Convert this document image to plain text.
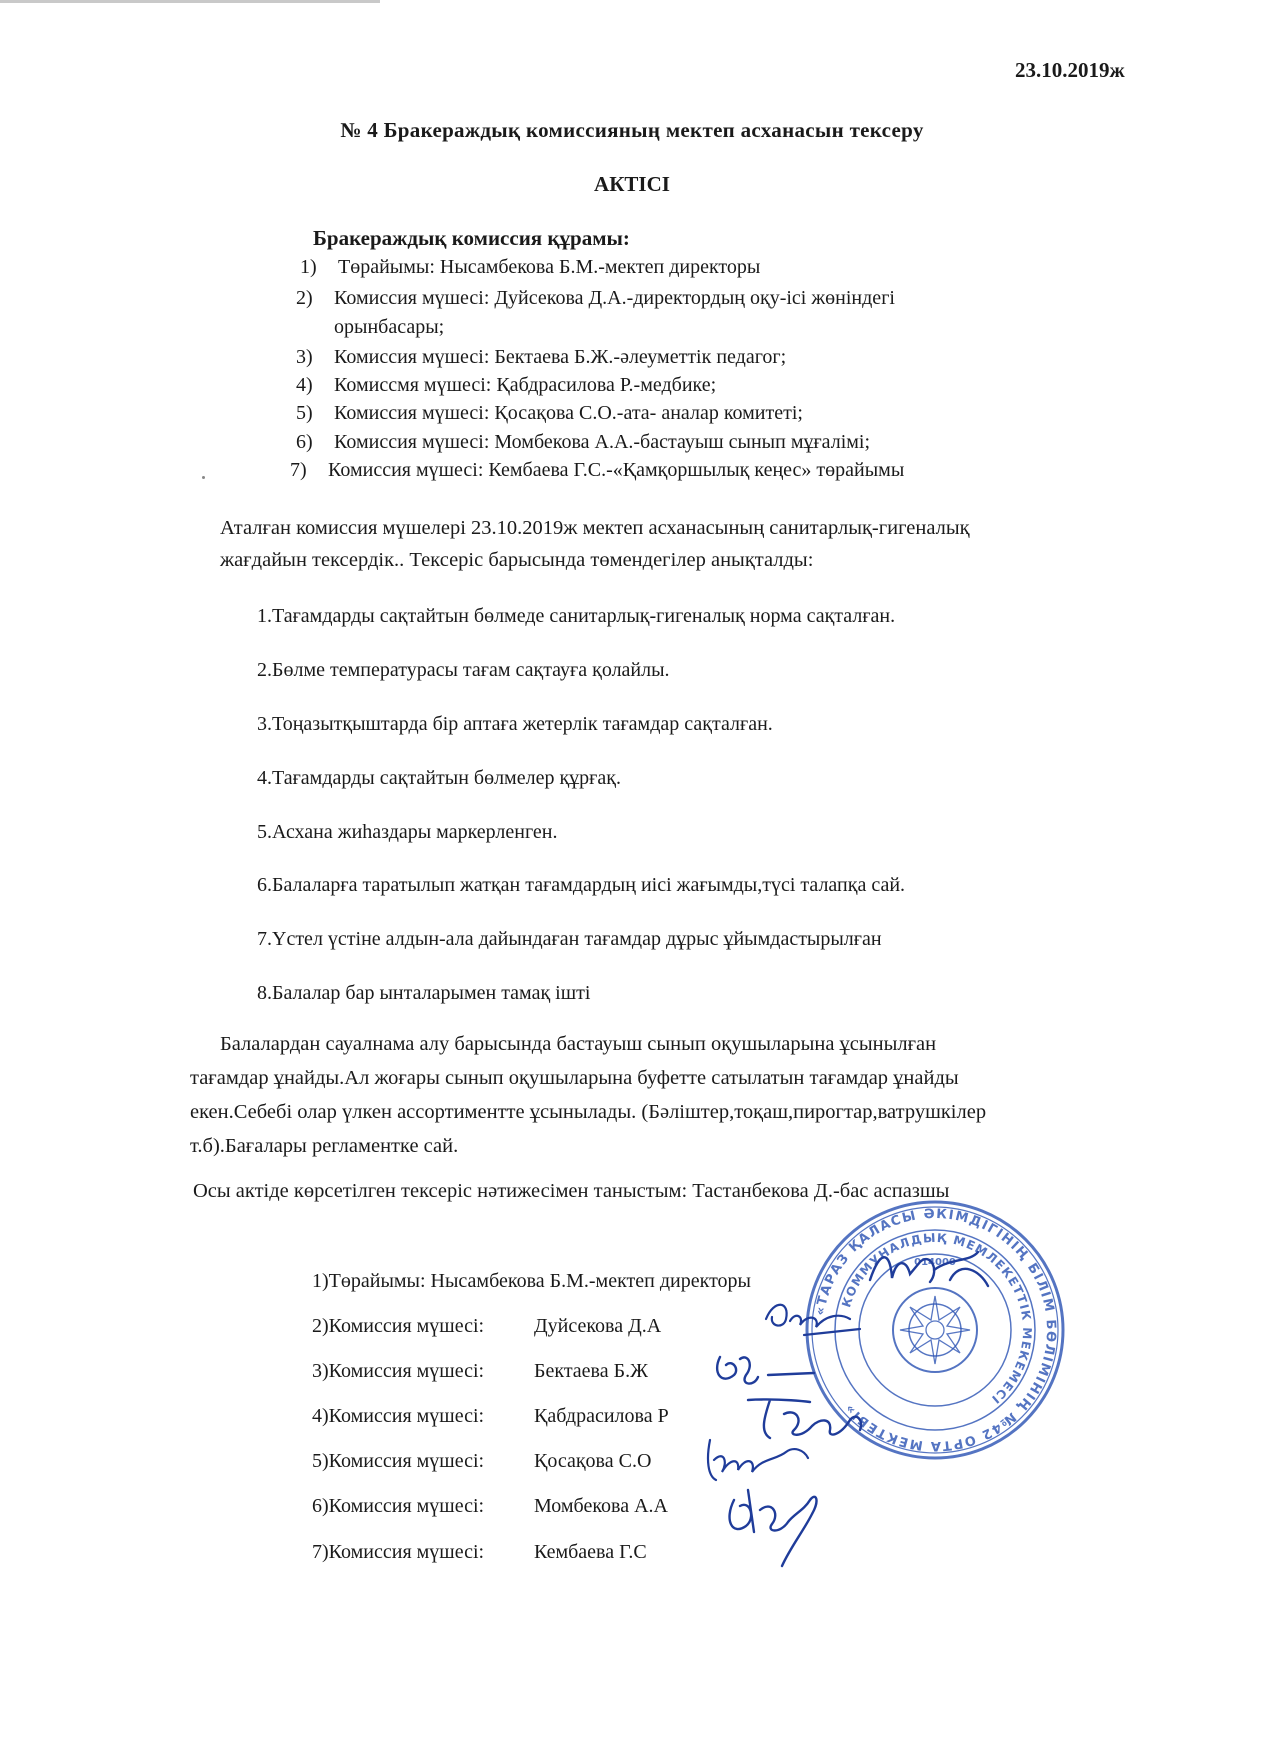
23.10.2019ж
№ 4 Бракераждық комиссияның мектеп асханасын тексеру
АКТІСІ
Бракераждық комиссия құрамы:
1) Төрайымы: Нысамбекова Б.М.-мектеп директоры
2) Комиссия мүшесі: Дуйсекова Д.А.-директордың оқу-ісі жөніндегі
орынбасары;
3) Комиссия мүшесі: Бектаева Б.Ж.-әлеуметтік педагог;
4) Комиссмя мүшесі: Қабдрасилова Р.-медбике;
5) Комиссия мүшесі: Қосақова С.О.-ата- аналар комитеті;
6) Комиссия мүшесі: Момбекова А.А.-бастауыш сынып мұғалімі;
7) Комиссия мүшесі: Кембаева Г.С.-«Қамқоршылық кеңес» төрайымы
Аталған комиссия мүшелері 23.10.2019ж мектеп асханасының санитарлық-гигеналық
жағдайын тексердік.. Тексеріс барысында төмендегілер анықталды:
1.Тағамдарды сақтайтын бөлмеде санитарлық-гигеналық норма сақталған.
2.Бөлме температурасы тағам сақтауға қолайлы.
3.Тоңазытқыштарда бір аптаға жетерлік тағамдар сақталған.
4.Тағамдарды сақтайтын бөлмелер құрғақ.
5.Асхана жиһаздары маркерленген.
6.Балаларға таратылып жатқан тағамдардың иісі жағымды,түсі талапқа сай.
7.Үстел үстіне алдын-ала дайындаған тағамдар дұрыс ұйымдастырылған
8.Балалар бар ынталарымен тамақ ішті
Балалардан сауалнама алу барысында бастауыш сынып оқушыларына ұсынылған
тағамдар ұнайды.Ал жоғары сынып оқушыларына буфетте сатылатын тағамдар ұнайды
екен.Себебі олар үлкен ассортиментте ұсынылады. (Бәліштер,тоқаш,пирогтар,ватрушкілер
т.б).Бағалары регламентке сай.
Осы актіде көрсетілген тексеріс нәтижесімен таныстым: Тастанбекова Д.-бас аспазшы
1)Төрайымы: Нысамбекова Б.М.-мектеп директоры
2)Комиссия мүшесі: Дуйсекова Д.А
3)Комиссия мүшесі: Бектаева Б.Ж
4)Комиссия мүшесі: Қабдрасилова Р
5)Комиссия мүшесі: Қосақова С.О
6)Комиссия мүшесі: Момбекова А.А
7)Комиссия мүшесі: Кембаева Г.С
«ТАРАЗ ҚАЛАСЫ ӘКІМДІГІНІҢ БІЛІМ БӨЛІМІНІҢ №42 ОРТА МЕКТЕБІ»
КОММУНАЛДЫҚ МЕМЛЕКЕТТІК МЕКЕМЕСІ
014000
